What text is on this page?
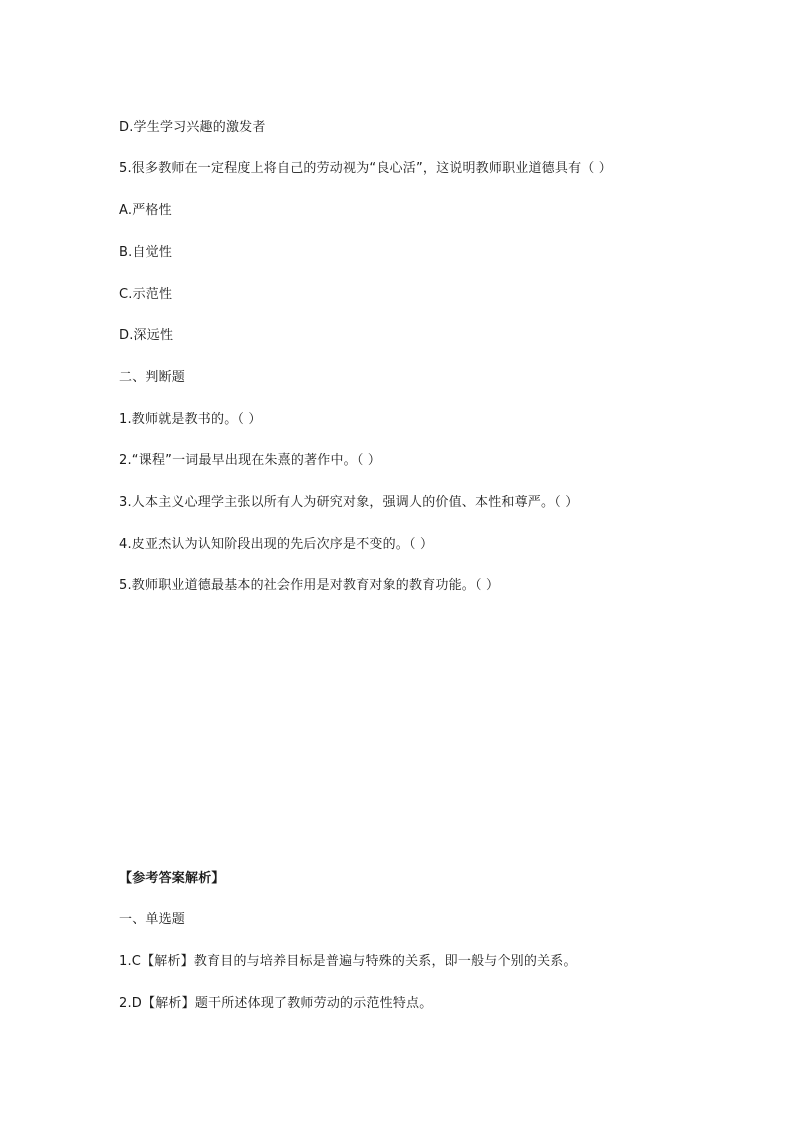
D.学生学习兴趣的激发者
5.很多教师在一定程度上将自己的劳动视为“良心活”，这说明教师职业道德具有（ ）
A.严格性
B.自觉性
C.示范性
D.深远性
二、判断题
1.教师就是教书的。（ ）
2.“课程”一词最早出现在朱熹的著作中。（ ）
3.人本主义心理学主张以所有人为研究对象，强调人的价值、本性和尊严。（ ）
4.皮亚杰认为认知阶段出现的先后次序是不变的。（ ）
5.教师职业道德最基本的社会作用是对教育对象的教育功能。（ ）
【参考答案解析】
一、单选题
1.C【解析】教育目的与培养目标是普遍与特殊的关系，即一般与个别的关系。
2.D【解析】题干所述体现了教师劳动的示范性特点。
